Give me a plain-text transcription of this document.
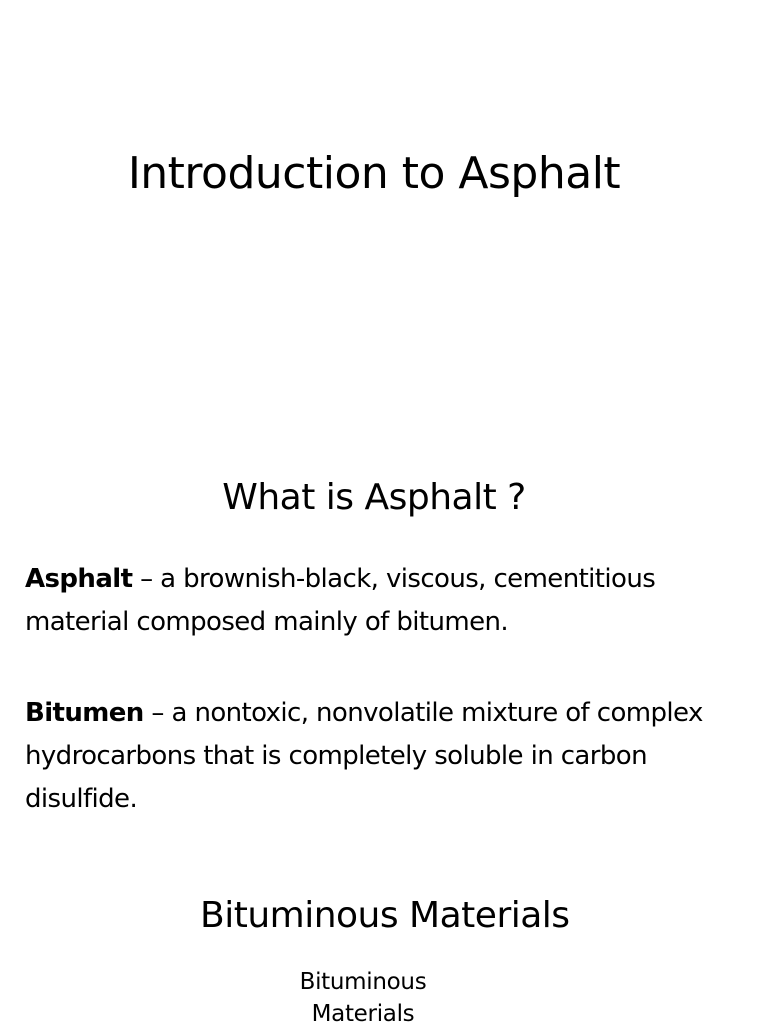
Introduction to Asphalt
What is Asphalt ?

Asphalt – a brownish-black, viscous, cementitious material composed mainly of bitumen.

Bitumen – a nontoxic, nonvolatile mixture of complex hydrocarbons that is completely soluble in carbon disulfide.

Bituminous Materials
Bituminous Materials
